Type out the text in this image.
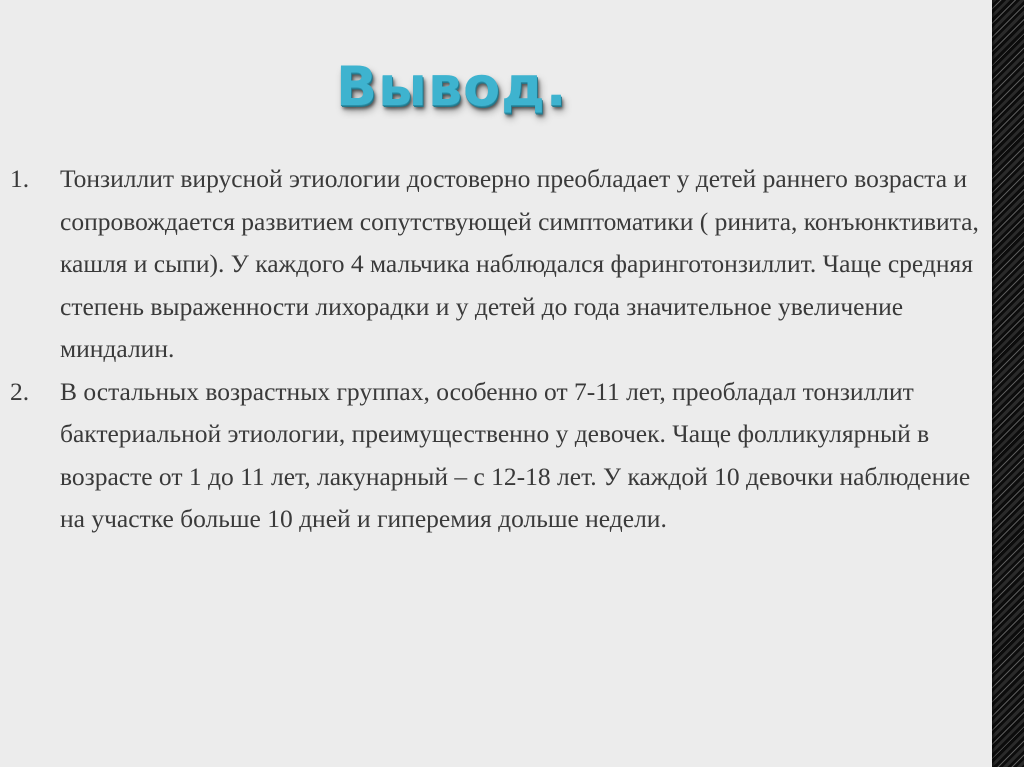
Вывод.
1. Тонзиллит вирусной этиологии достоверно преобладает у детей раннего возраста и сопровождается развитием сопутствующей симптоматики ( ринита, конъюнктивита, кашля и сыпи). У каждого 4 мальчика наблюдался фаринготонзиллит. Чаще средняя степень выраженности лихорадки и у детей до года значительное увеличение миндалин.
2. В остальных возрастных группах, особенно от 7-11 лет, преобладал тонзиллит бактериальной этиологии, преимущественно у девочек. Чаще фолликулярный в возрасте от 1 до 11 лет, лакунарный – с 12-18 лет. У каждой 10 девочки наблюдение на участке больше 10 дней и гиперемия дольше недели.
